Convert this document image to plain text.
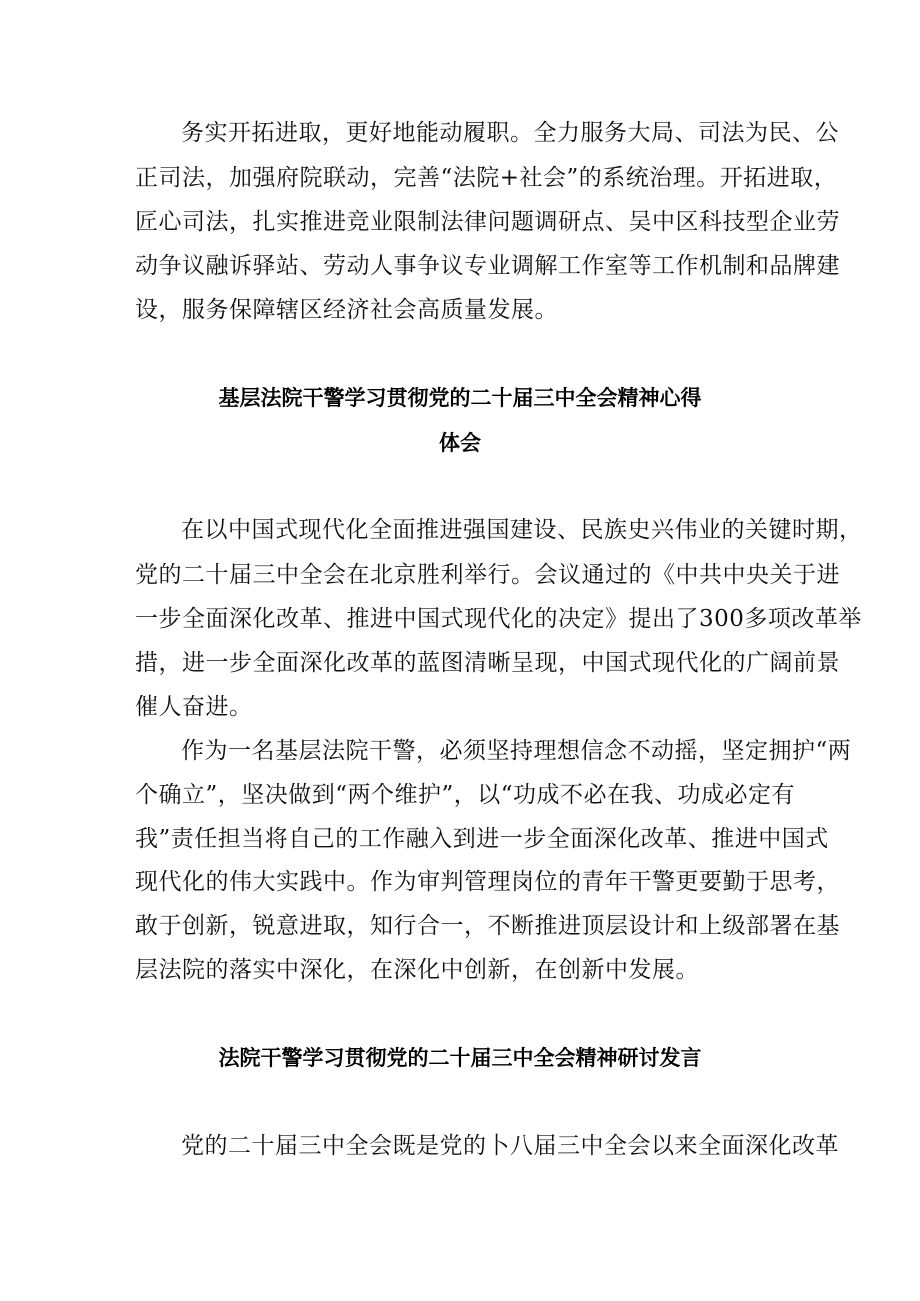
务实开拓进取，更好地能动履职。全力服务大局、司法为民、公
正司法，加强府院联动，完善“法院+社会”的系统治理。开拓进取，
匠心司法，扎实推进竞业限制法律问题调研点、吴中区科技型企业劳
动争议融诉驿站、劳动人事争议专业调解工作室等工作机制和品牌建
设，服务保障辖区经济社会高质量发展。
基层法院干警学习贯彻党的二十届三中全会精神心得
体会
在以中国式现代化全面推进强国建设、民族史兴伟业的关键时期，
党的二十届三中全会在北京胜利举行。会议通过的《中共中央关于进
一步全面深化改革、推进中国式现代化的决定》提出了300多项改革举
措，进一步全面深化改革的蓝图清晰呈现，中国式现代化的广阔前景
催人奋进。
作为一名基层法院干警，必须坚持理想信念不动摇，坚定拥护“两
个确立”，坚决做到“两个维护”，以“功成不必在我、功成必定有
我”责任担当将自己的工作融入到进一步全面深化改革、推进中国式
现代化的伟大实践中。作为审判管理岗位的青年干警更要勤于思考，
敢于创新，锐意进取，知行合一，不断推进顶层设计和上级部署在基
层法院的落实中深化，在深化中创新，在创新中发展。
法院干警学习贯彻党的二十届三中全会精神研讨发言
党的二十届三中全会既是党的卜八届三中全会以来全面深化改革
